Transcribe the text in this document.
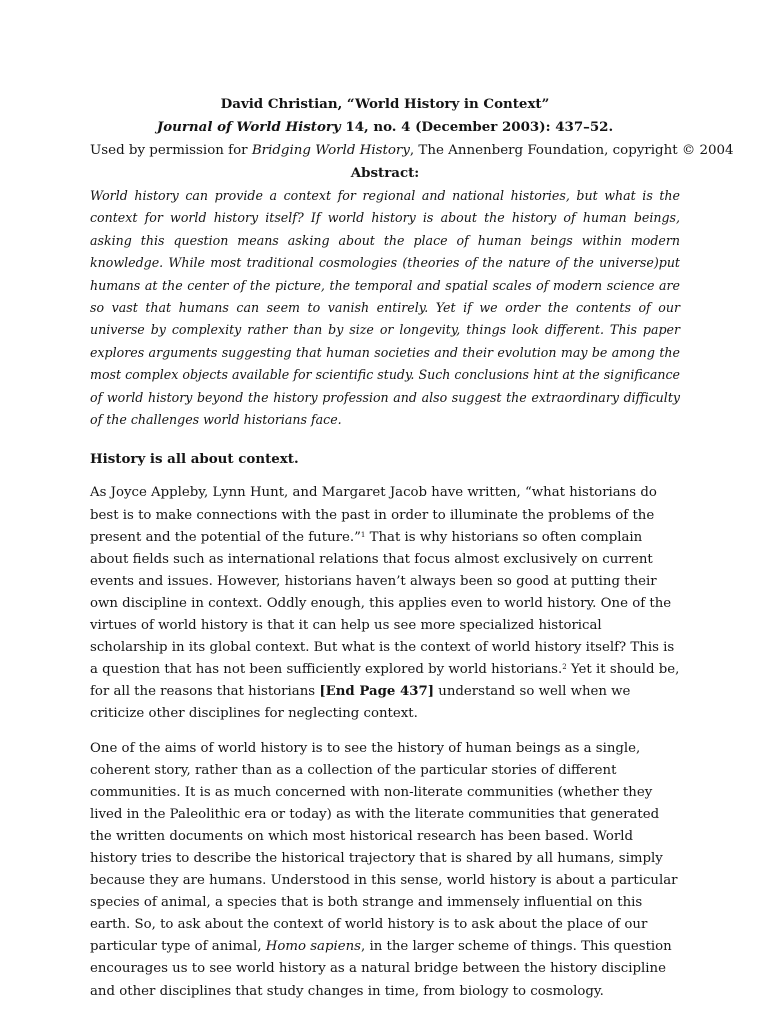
David Christian, “World History in Context”
Journal of World History 14, no. 4 (December 2003): 437–52.
Used by permission for Bridging World History, The Annenberg Foundation, copyright © 2004
Abstract:

World history can provide a context for regional and national histories, but what is the context for world history itself? If world history is about the history of human beings, asking this question means asking about the place of human beings within modern knowledge. While most traditional cosmologies (theories of the nature of the universe)put humans at the center of the picture, the temporal and spatial scales of modern science are so vast that humans can seem to vanish entirely. Yet if we order the contents of our universe by complexity rather than by size or longevity, things look different. This paper explores arguments suggesting that human societies and their evolution may be among the most complex objects available for scientific study. Such conclusions hint at the significance of world history beyond the history profession and also suggest the extraordinary difficulty of the challenges world historians face.

History is all about context.

As Joyce Appleby, Lynn Hunt, and Margaret Jacob have written, “what historians do best is to make connections with the past in order to illuminate the problems of the present and the potential of the future.”$^1$ That is why historians so often complain about fields such as international relations that focus almost exclusively on current events and issues. However, historians haven’t always been so good at putting their own discipline in context. Oddly enough, this applies even to world history. One of the virtues of world history is that it can help us see more specialized historical scholarship in its global context. But what is the context of world history itself? This is a question that has not been sufficiently explored by world historians.$^2$ Yet it should be, for all the reasons that historians [End Page 437] understand so well when we criticize other disciplines for neglecting context.

One of the aims of world history is to see the history of human beings as a single, coherent story, rather than as a collection of the particular stories of different communities. It is as much concerned with non-literate communities (whether they lived in the Paleolithic era or today) as with the literate communities that generated the written documents on which most historical research has been based. World history tries to describe the historical trajectory that is shared by all humans, simply because they are humans. Understood in this sense, world history is about a particular species of animal, a species that is both strange and immensely influential on this earth. So, to ask about the context of world history is to ask about the place of our particular type of animal, Homo sapiens, in the larger scheme of things. This question encourages us to see world history as a natural bridge between the history discipline and other disciplines that study changes in time, from biology to cosmology.
